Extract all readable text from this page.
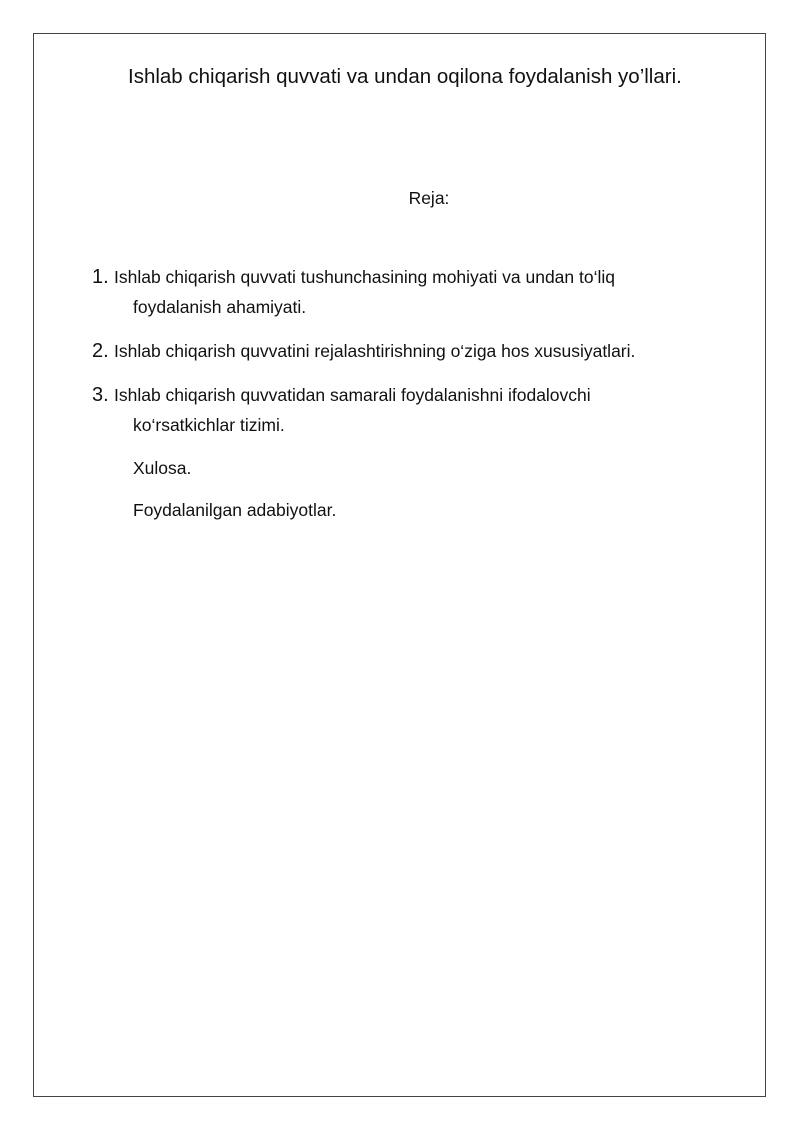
Ishlab chiqarish quvvati va undan oqilona foydalanish yo’llari.

Reja:

1. Ishlab chiqarish quvvati tushunchasining mohiyati va undan to‘liq
foydalanish ahamiyati.
2. Ishlab chiqarish quvvatini rejalashtirishning o‘ziga hos xususiyatlari.
3. Ishlab chiqarish quvvatidan samarali foydalanishni ifodalovchi
ko‘rsatkichlar tizimi.

Xulosa.

Foydalanilgan adabiyotlar.
